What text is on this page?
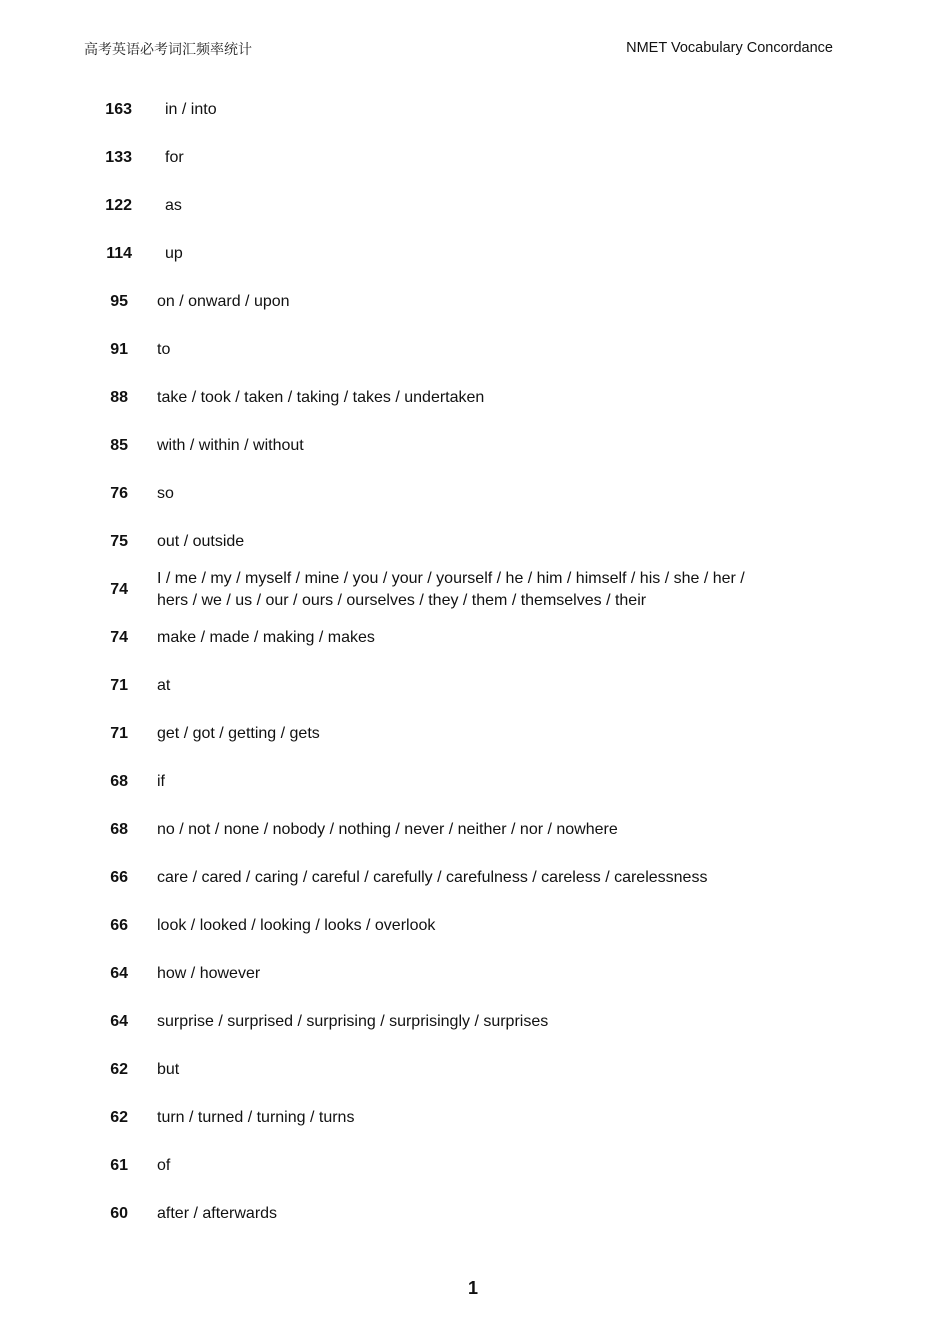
高考英语必考词汇频率统计	NMET Vocabulary Concordance
163 in / into
133 for
122 as
114 up
95 on / onward / upon
91 to
88 take / took / taken / taking / takes / undertaken
85 with / within / without
76 so
75 out / outside
74
I / me / my / myself / mine / you / your / yourself / he / him / himself / his / she / her / hers / we / us / our / ours / ourselves / they / them / themselves / their
74 make / made / making / makes
71 at
71 get / got / getting / gets
68 if
68 no / not / none / nobody / nothing / never / neither / nor / nowhere
66 care / cared / caring / careful / carefully / carefulness / careless / carelessness
66 look / looked / looking / looks / overlook
64 how / however
64 surprise / surprised / surprising / surprisingly / surprises
62 but
62 turn / turned / turning / turns
61 of
60 after / afterwards
1
